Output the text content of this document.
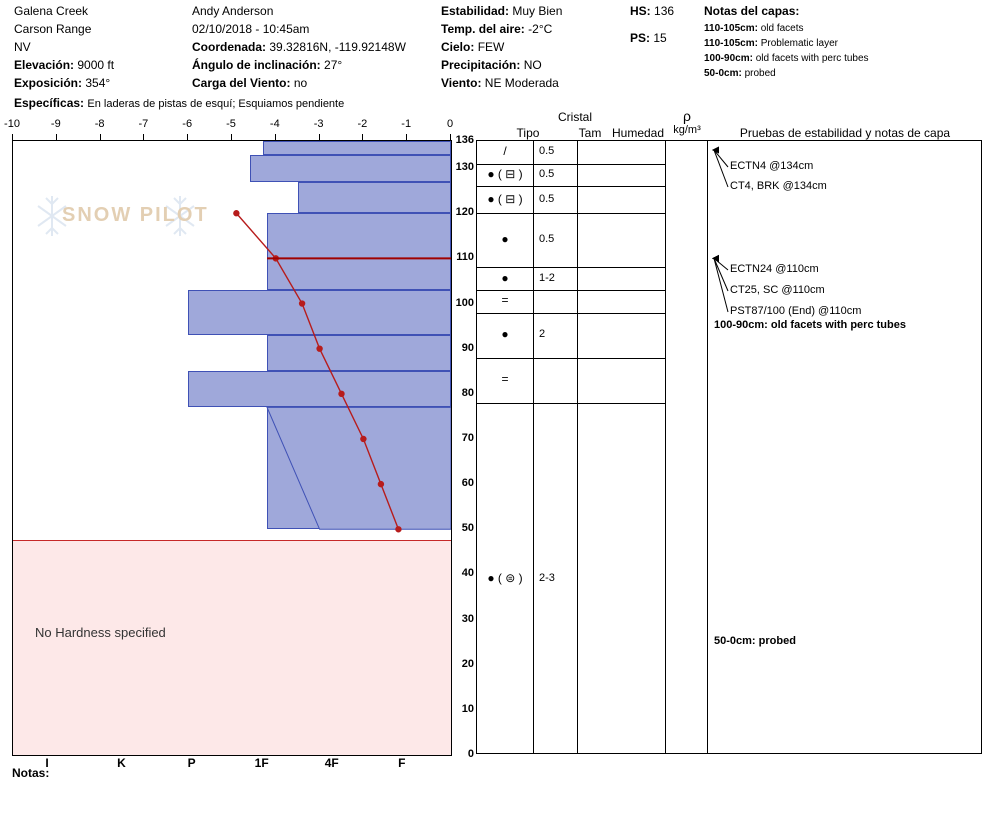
Galena Creek
Carson Range
NV
Elevación: 9000 ft
Exposición: 354°
Específicas: En laderas de pistas de esquí; Esquiamos pendiente
Andy Anderson
02/10/2018 - 10:45am
Coordenada: 39.32816N, -119.92148W
Ángulo de inclinación: 27°
Carga del Viento: no
Estabilidad: Muy Bien
Temp. del aire: -2°C
Cielo: FEW
Precipitación: NO
Viento: NE Moderada
HS: 136
PS: 15
Notas del capas:
110-105cm: old facets
110-105cm: Problematic layer
100-90cm: old facets with perc tubes
50-0cm: probed
-10	-9	-8	-7	-6	-5	-4	-3	-2	-1	0
No Hardness specified
SNOW PILOT
0
10
20
30
40
50
60
70
80
90
100
110
120
130
136
I	K	P	1F	4F	F
Notas:
Cristal
Tipo	Tam Humedad
ρ
kg/m³	Pruebas de estabilidad y notas de capa
/	0.5
● ( ⊟ )	0.5
● ( ⊟ )	0.5
●	0.5
●	1-2
=
●	2
=
● ( ⊜ )	2-3
ECTN4 @134cm
CT4, BRK @134cm
ECTN24 @110cm
CT25, SC @110cm
PST87/100 (End) @110cm
100-90cm: old facets with perc tubes
50-0cm: probed
